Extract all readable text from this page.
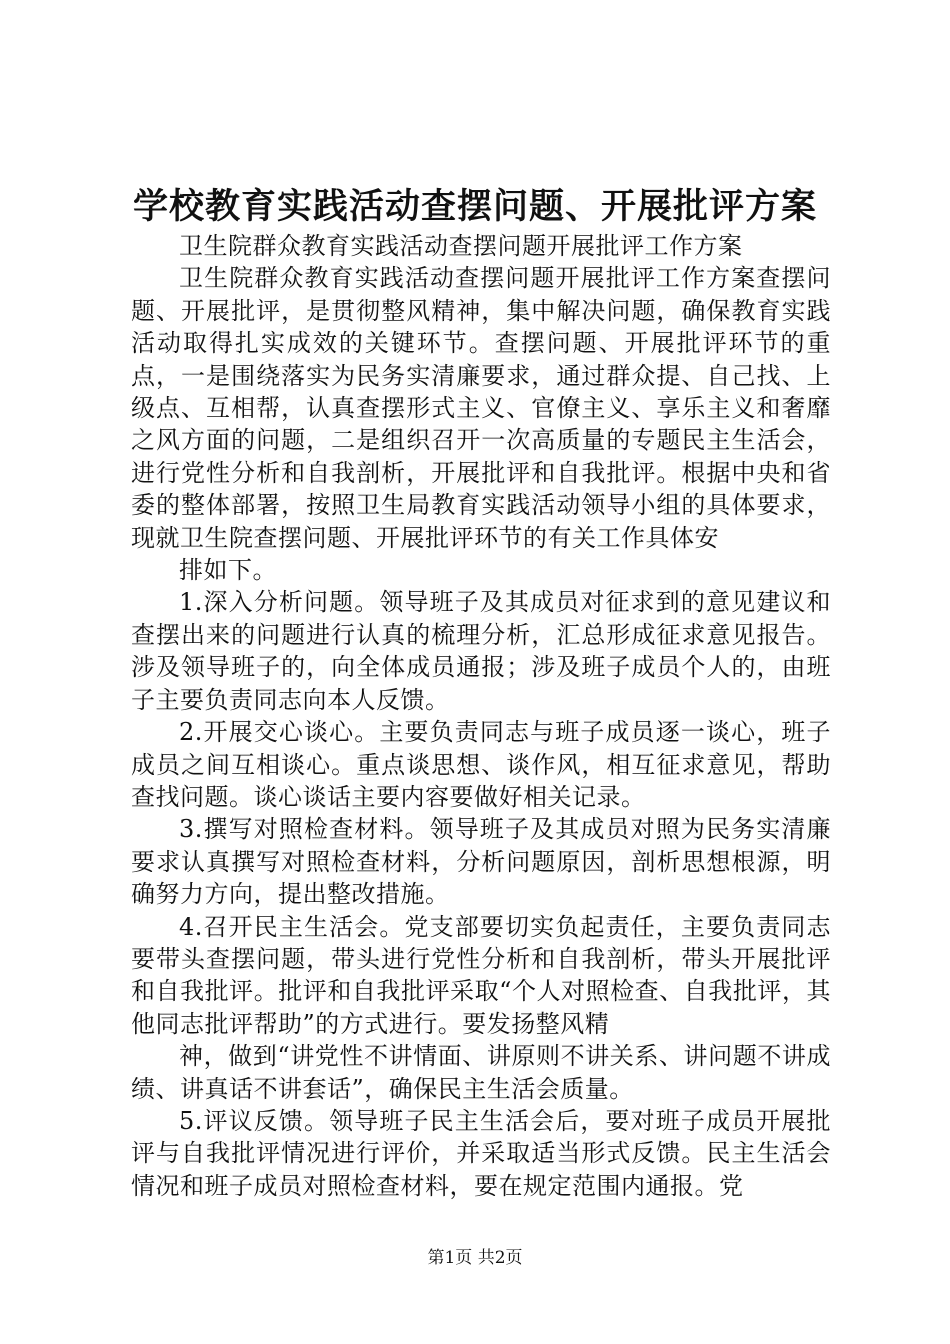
学校教育实践活动查摆问题、开展批评方案

卫生院群众教育实践活动查摆问题开展批评工作方案

卫生院群众教育实践活动查摆问题开展批评工作方案查摆问题、开展批评，是贯彻整风精神，集中解决问题，确保教育实践活动取得扎实成效的关键环节。查摆问题、开展批评环节的重点，一是围绕落实为民务实清廉要求，通过群众提、自己找、上级点、互相帮，认真查摆形式主义、官僚主义、享乐主义和奢靡之风方面的问题，二是组织召开一次高质量的专题民主生活会，进行党性分析和自我剖析，开展批评和自我批评。根据中央和省委的整体部署，按照卫生局教育实践活动领导小组的具体要求，现就卫生院查摆问题、开展批评环节的有关工作具体安

排如下。

1.深入分析问题。领导班子及其成员对征求到的意见建议和查摆出来的问题进行认真的梳理分析，汇总形成征求意见报告。涉及领导班子的，向全体成员通报；涉及班子成员个人的，由班子主要负责同志向本人反馈。

2.开展交心谈心。主要负责同志与班子成员逐一谈心，班子成员之间互相谈心。重点谈思想、谈作风，相互征求意见，帮助查找问题。谈心谈话主要内容要做好相关记录。

3.撰写对照检查材料。领导班子及其成员对照为民务实清廉要求认真撰写对照检查材料，分析问题原因，剖析思想根源，明确努力方向，提出整改措施。

4.召开民主生活会。党支部要切实负起责任，主要负责同志要带头查摆问题，带头进行党性分析和自我剖析，带头开展批评和自我批评。批评和自我批评采取“个人对照检查、自我批评，其他同志批评帮助”的方式进行。要发扬整风精

神，做到“讲党性不讲情面、讲原则不讲关系、讲问题不讲成绩、讲真话不讲套话”，确保民主生活会质量。

5.评议反馈。领导班子民主生活会后，要对班子成员开展批评与自我批评情况进行评价，并采取适当形式反馈。民主生活会情况和班子成员对照检查材料，要在规定范围内通报。党

第1页 共2页
